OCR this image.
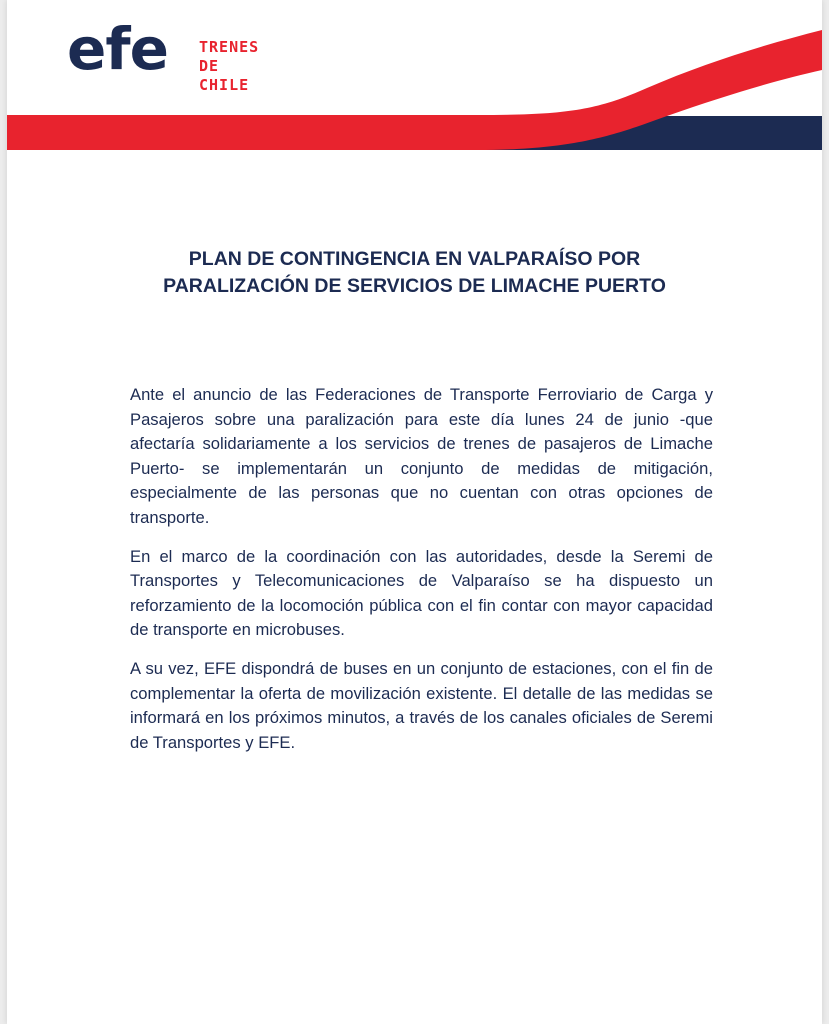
efe TRENES
DE
CHILE
PLAN DE CONTINGENCIA EN VALPARAÍSO POR
PARALIZACIÓN DE SERVICIOS DE LIMACHE PUERTO

Ante el anuncio de las Federaciones de Transporte Ferroviario de Carga y Pasajeros sobre una paralización para este día lunes 24 de junio -que afectaría solidariamente a los servicios de trenes de pasajeros de Limache Puerto- se implementarán un conjunto de medidas de mitigación, especialmente de las personas que no cuentan con otras opciones de transporte.

En el marco de la coordinación con las autoridades, desde la Seremi de Transportes y Telecomunicaciones de Valparaíso se ha dispuesto un reforzamiento de la locomoción pública con el fin contar con mayor capacidad de transporte en microbuses.

A su vez, EFE dispondrá de buses en un conjunto de estaciones, con el fin de complementar la oferta de movilización existente. El detalle de las medidas se informará en los próximos minutos, a través de los canales oficiales de Seremi de Transportes y EFE.
